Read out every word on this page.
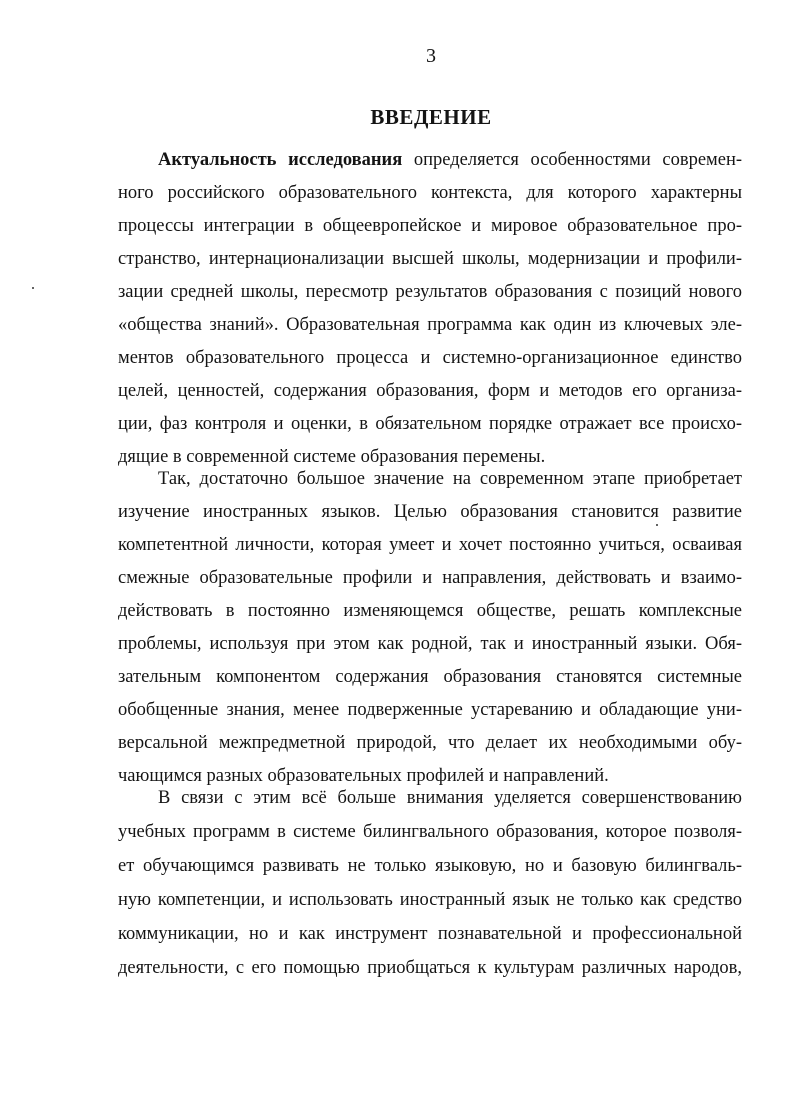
3
ВВЕДЕНИЕ
Актуальность исследования определяется особенностями современ-
ного российского образовательного контекста, для которого характерны
процессы интеграции в общеевропейское и мировое образовательное про-
странство, интернационализации высшей школы, модернизации и профили-
зации средней школы, пересмотр результатов образования с позиций нового
«общества знаний». Образовательная программа как один из ключевых эле-
ментов образовательного процесса и системно-организационное единство
целей, ценностей, содержания образования, форм и методов его организа-
ции, фаз контроля и оценки, в обязательном порядке отражает все происхо-
дящие в современной системе образования перемены.
Так, достаточно большое значение на современном этапе приобретает
изучение иностранных языков. Целью образования становится развитие
компетентной личности, которая умеет и хочет постоянно учиться, осваивая
смежные образовательные профили и направления, действовать и взаимо-
действовать в постоянно изменяющемся обществе, решать комплексные
проблемы, используя при этом как родной, так и иностранный языки. Обя-
зательным компонентом содержания образования становятся системные
обобщенные знания, менее подверженные устареванию и обладающие уни-
версальной межпредметной природой, что делает их необходимыми обу-
чающимся разных образовательных профилей и направлений.
В связи с этим всё больше внимания уделяется совершенствованию
учебных программ в системе билингвального образования, которое позволя-
ет обучающимся развивать не только языковую, но и базовую билингваль-
ную компетенции, и использовать иностранный язык не только как средство
коммуникации, но и как инструмент познавательной и профессиональной
деятельности, с его помощью приобщаться к культурам различных народов,
